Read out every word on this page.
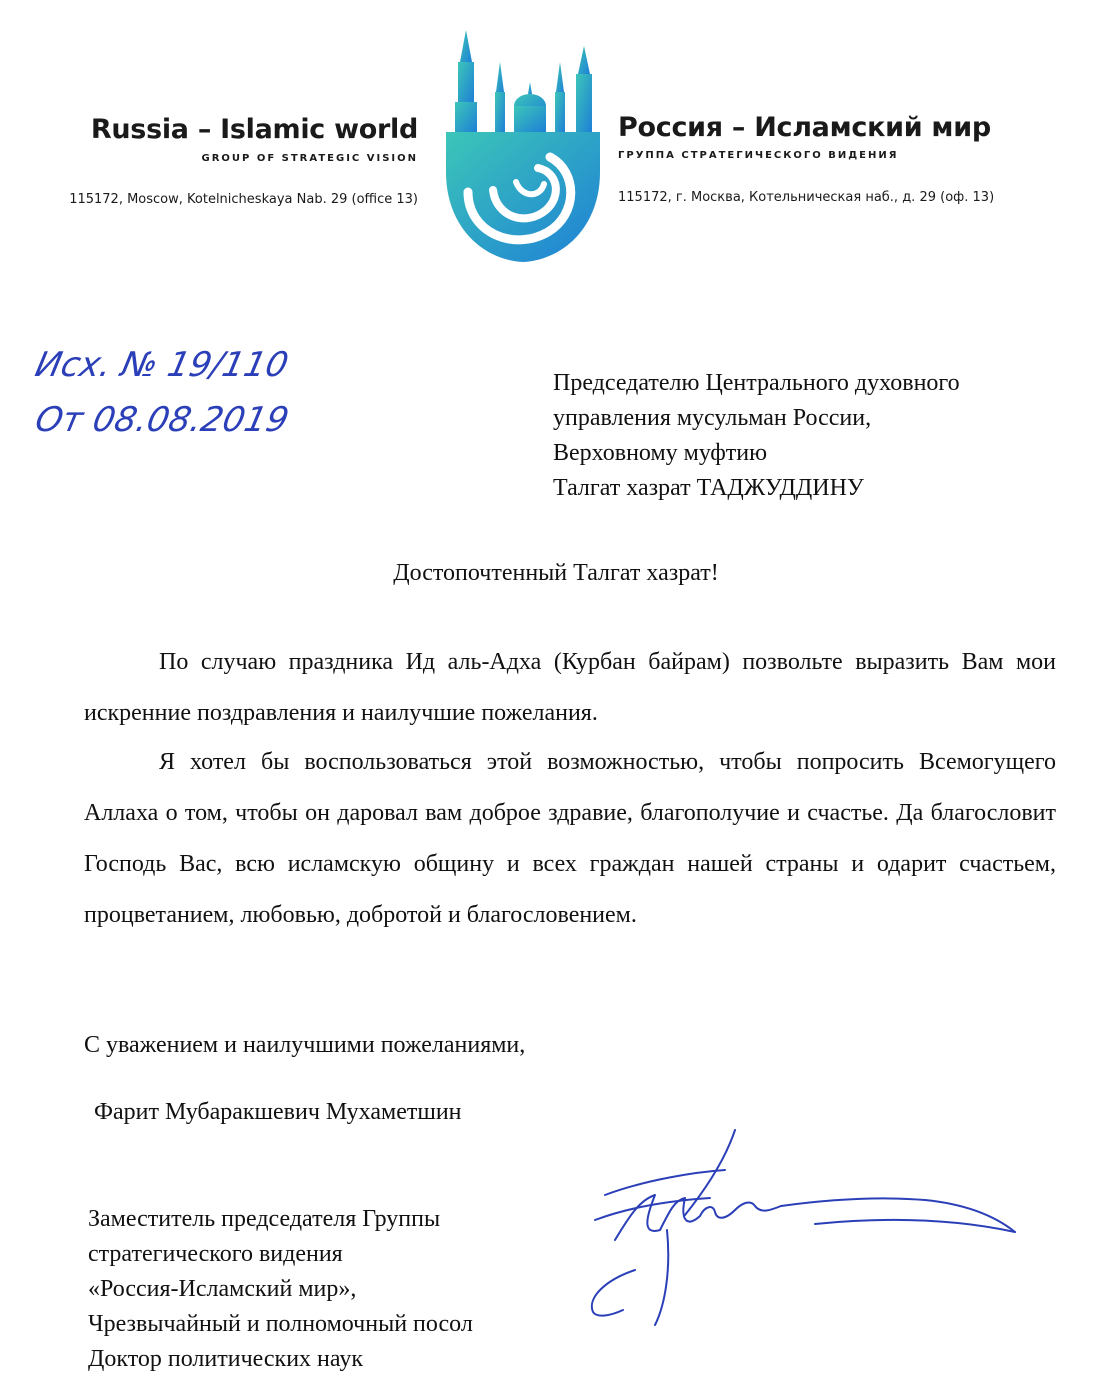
Russia – Islamic world
GROUP OF STRATEGIC VISION
115172, Moscow, Kotelnicheskaya Nab. 29 (office 13)
Россия – Исламский мир
ГРУППА СТРАТЕГИЧЕСКОГО ВИДЕНИЯ
115172, г. Москва, Котельническая наб., д. 29 (оф. 13)
Исх. № 19/110
От 08.08.2019
Председателю Центрального духовного
управления мусульман России,
Верховному муфтию
Талгат хазрат ТАДЖУДДИНУ
Достопочтенный Талгат хазрат!

По случаю праздника Ид аль-Адха (Курбан байрам) позвольте выразить Вам мои искренние поздравления и наилучшие пожелания.

Я хотел бы воспользоваться этой возможностью, чтобы попросить Всемогущего Аллаха о том, чтобы он даровал вам доброе здравие, благополучие и счастье. Да благословит Господь Вас, всю исламскую общину и всех граждан нашей страны и одарит счастьем, процветанием, любовью, добротой и благословением.

С уважением и наилучшими пожеланиями,
Фарит Мубаракшевич Мухаметшин
Заместитель председателя Группы
стратегического видения
«Россия-Исламский мир»,
Чрезвычайный и полномочный посол
Доктор политических наук
